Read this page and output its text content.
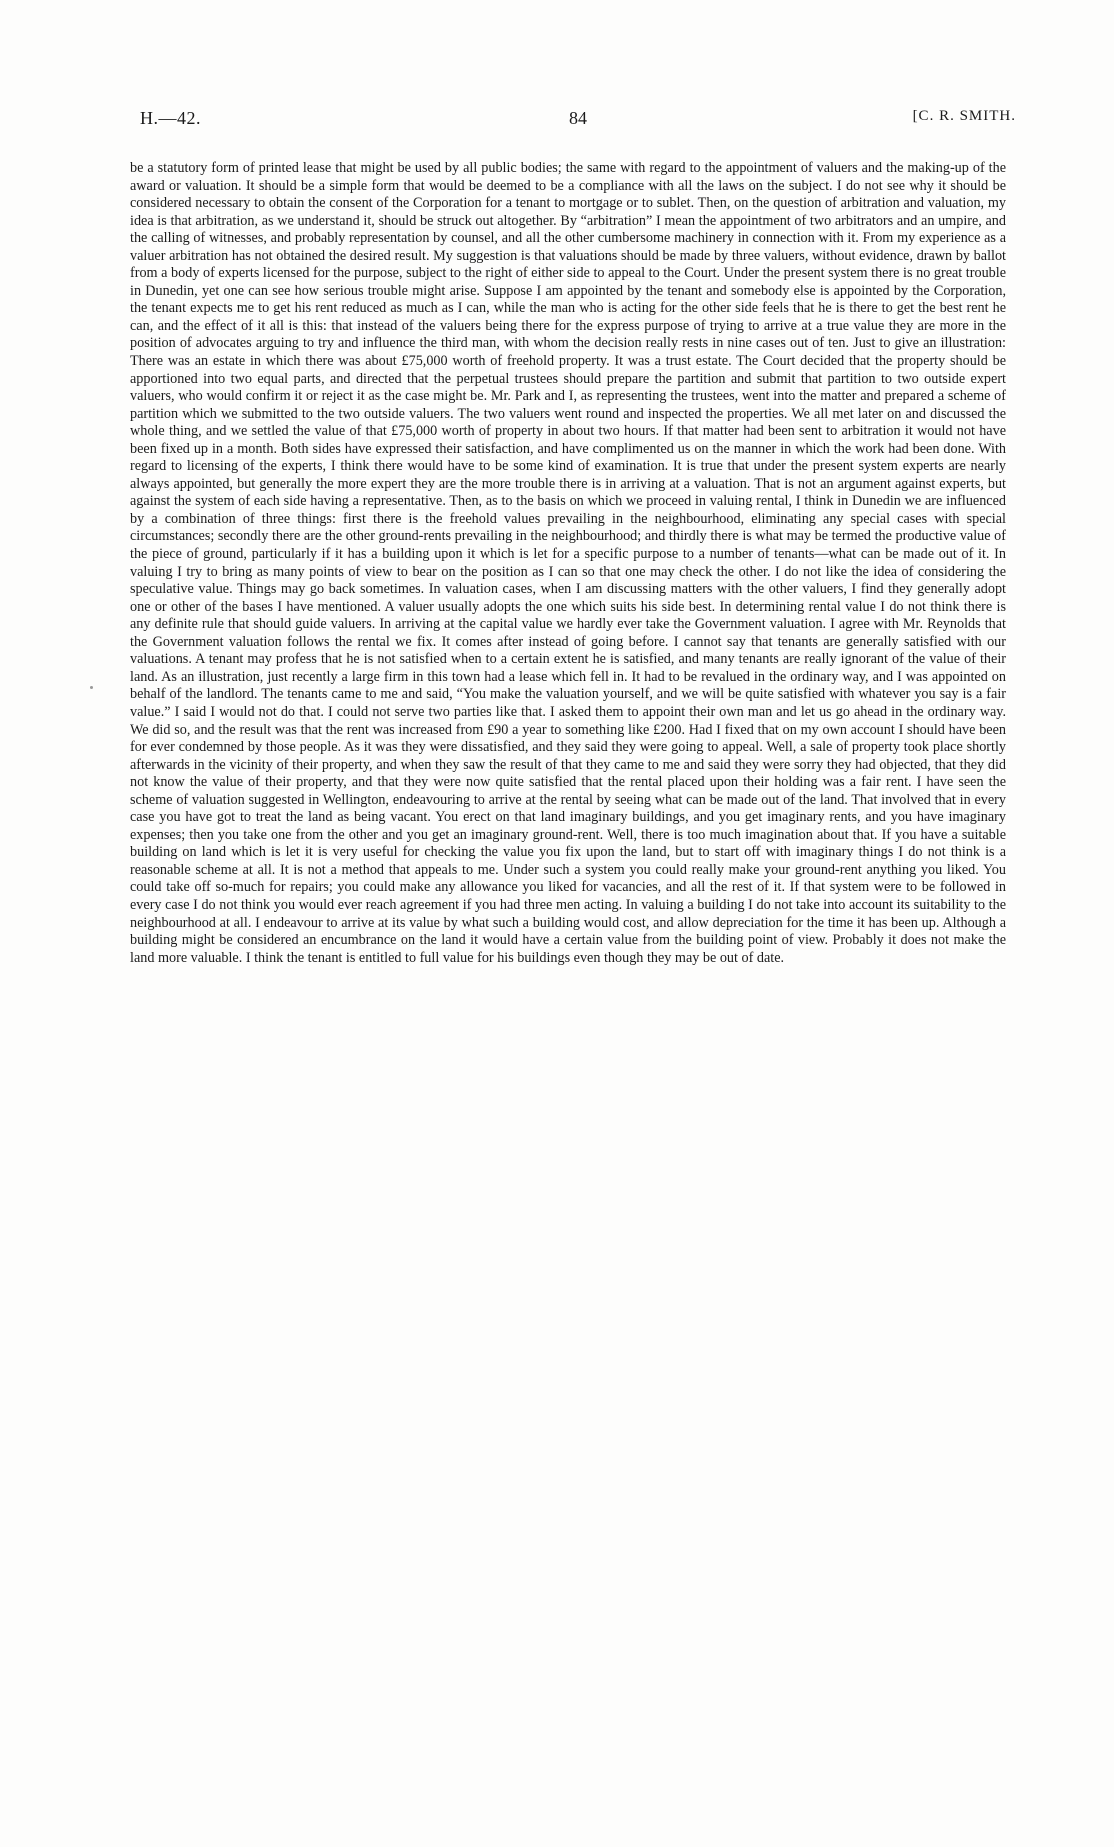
H.—42.	84	[C. R. SMITH.

be a statutory form of printed lease that might be used by all public bodies; the same with regard to the appointment of valuers and the making-up of the award or valuation. It should be a simple form that would be deemed to be a compliance with all the laws on the subject. I do not see why it should be considered necessary to obtain the consent of the Corporation for a tenant to mortgage or to sublet. Then, on the question of arbitration and valuation, my idea is that arbitration, as we understand it, should be struck out altogether. By “arbitration” I mean the appointment of two arbitrators and an umpire, and the calling of witnesses, and probably representation by counsel, and all the other cumbersome machinery in connection with it. From my experience as a valuer arbitration has not obtained the desired result. My suggestion is that valuations should be made by three valuers, without evidence, drawn by ballot from a body of experts licensed for the purpose, subject to the right of either side to appeal to the Court. Under the present system there is no great trouble in Dunedin, yet one can see how serious trouble might arise. Suppose I am appointed by the tenant and somebody else is appointed by the Corporation, the tenant expects me to get his rent reduced as much as I can, while the man who is acting for the other side feels that he is there to get the best rent he can, and the effect of it all is this: that instead of the valuers being there for the express purpose of trying to arrive at a true value they are more in the position of advocates arguing to try and influence the third man, with whom the decision really rests in nine cases out of ten. Just to give an illustration: There was an estate in which there was about £75,000 worth of freehold property. It was a trust estate. The Court decided that the property should be apportioned into two equal parts, and directed that the perpetual trustees should prepare the partition and submit that partition to two outside expert valuers, who would confirm it or reject it as the case might be. Mr. Park and I, as representing the trustees, went into the matter and prepared a scheme of partition which we submitted to the two outside valuers. The two valuers went round and inspected the properties. We all met later on and discussed the whole thing, and we settled the value of that £75,000 worth of property in about two hours. If that matter had been sent to arbitration it would not have been fixed up in a month. Both sides have expressed their satisfaction, and have complimented us on the manner in which the work had been done. With regard to licensing of the experts, I think there would have to be some kind of examination. It is true that under the present system experts are nearly always appointed, but generally the more expert they are the more trouble there is in arriving at a valuation. That is not an argument against experts, but against the system of each side having a representative. Then, as to the basis on which we proceed in valuing rental, I think in Dunedin we are influenced by a combination of three things: first there is the freehold values prevailing in the neighbourhood, eliminating any special cases with special circumstances; secondly there are the other ground-rents prevailing in the neighbourhood; and thirdly there is what may be termed the productive value of the piece of ground, particularly if it has a building upon it which is let for a specific purpose to a number of tenants—what can be made out of it. In valuing I try to bring as many points of view to bear on the position as I can so that one may check the other. I do not like the idea of considering the speculative value. Things may go back sometimes. In valuation cases, when I am discussing matters with the other valuers, I find they generally adopt one or other of the bases I have mentioned. A valuer usually adopts the one which suits his side best. In determining rental value I do not think there is any definite rule that should guide valuers. In arriving at the capital value we hardly ever take the Government valuation. I agree with Mr. Reynolds that the Government valuation follows the rental we fix. It comes after instead of going before. I cannot say that tenants are generally satisfied with our valuations. A tenant may profess that he is not satisfied when to a certain extent he is satisfied, and many tenants are really ignorant of the value of their land. As an illustration, just recently a large firm in this town had a lease which fell in. It had to be revalued in the ordinary way, and I was appointed on behalf of the landlord. The tenants came to me and said, “You make the valuation yourself, and we will be quite satisfied with whatever you say is a fair value.” I said I would not do that. I could not serve two parties like that. I asked them to appoint their own man and let us go ahead in the ordinary way. We did so, and the result was that the rent was increased from £90 a year to something like £200. Had I fixed that on my own account I should have been for ever condemned by those people. As it was they were dissatisfied, and they said they were going to appeal. Well, a sale of property took place shortly afterwards in the vicinity of their property, and when they saw the result of that they came to me and said they were sorry they had objected, that they did not know the value of their property, and that they were now quite satisfied that the rental placed upon their holding was a fair rent. I have seen the scheme of valuation suggested in Wellington, endeavouring to arrive at the rental by seeing what can be made out of the land. That involved that in every case you have got to treat the land as being vacant. You erect on that land imaginary buildings, and you get imaginary rents, and you have imaginary expenses; then you take one from the other and you get an imaginary ground-rent. Well, there is too much imagination about that. If you have a suitable building on land which is let it is very useful for checking the value you fix upon the land, but to start off with imaginary things I do not think is a reasonable scheme at all. It is not a method that appeals to me. Under such a system you could really make your ground-rent anything you liked. You could take off so-much for repairs; you could make any allowance you liked for vacancies, and all the rest of it. If that system were to be followed in every case I do not think you would ever reach agreement if you had three men acting. In valuing a building I do not take into account its suitability to the neighbourhood at all. I endeavour to arrive at its value by what such a building would cost, and allow depreciation for the time it has been up. Although a building might be considered an encumbrance on the land it would have a certain value from the building point of view. Probably it does not make the land more valuable. I think the tenant is entitled to full value for his buildings even though they may be out of date.
